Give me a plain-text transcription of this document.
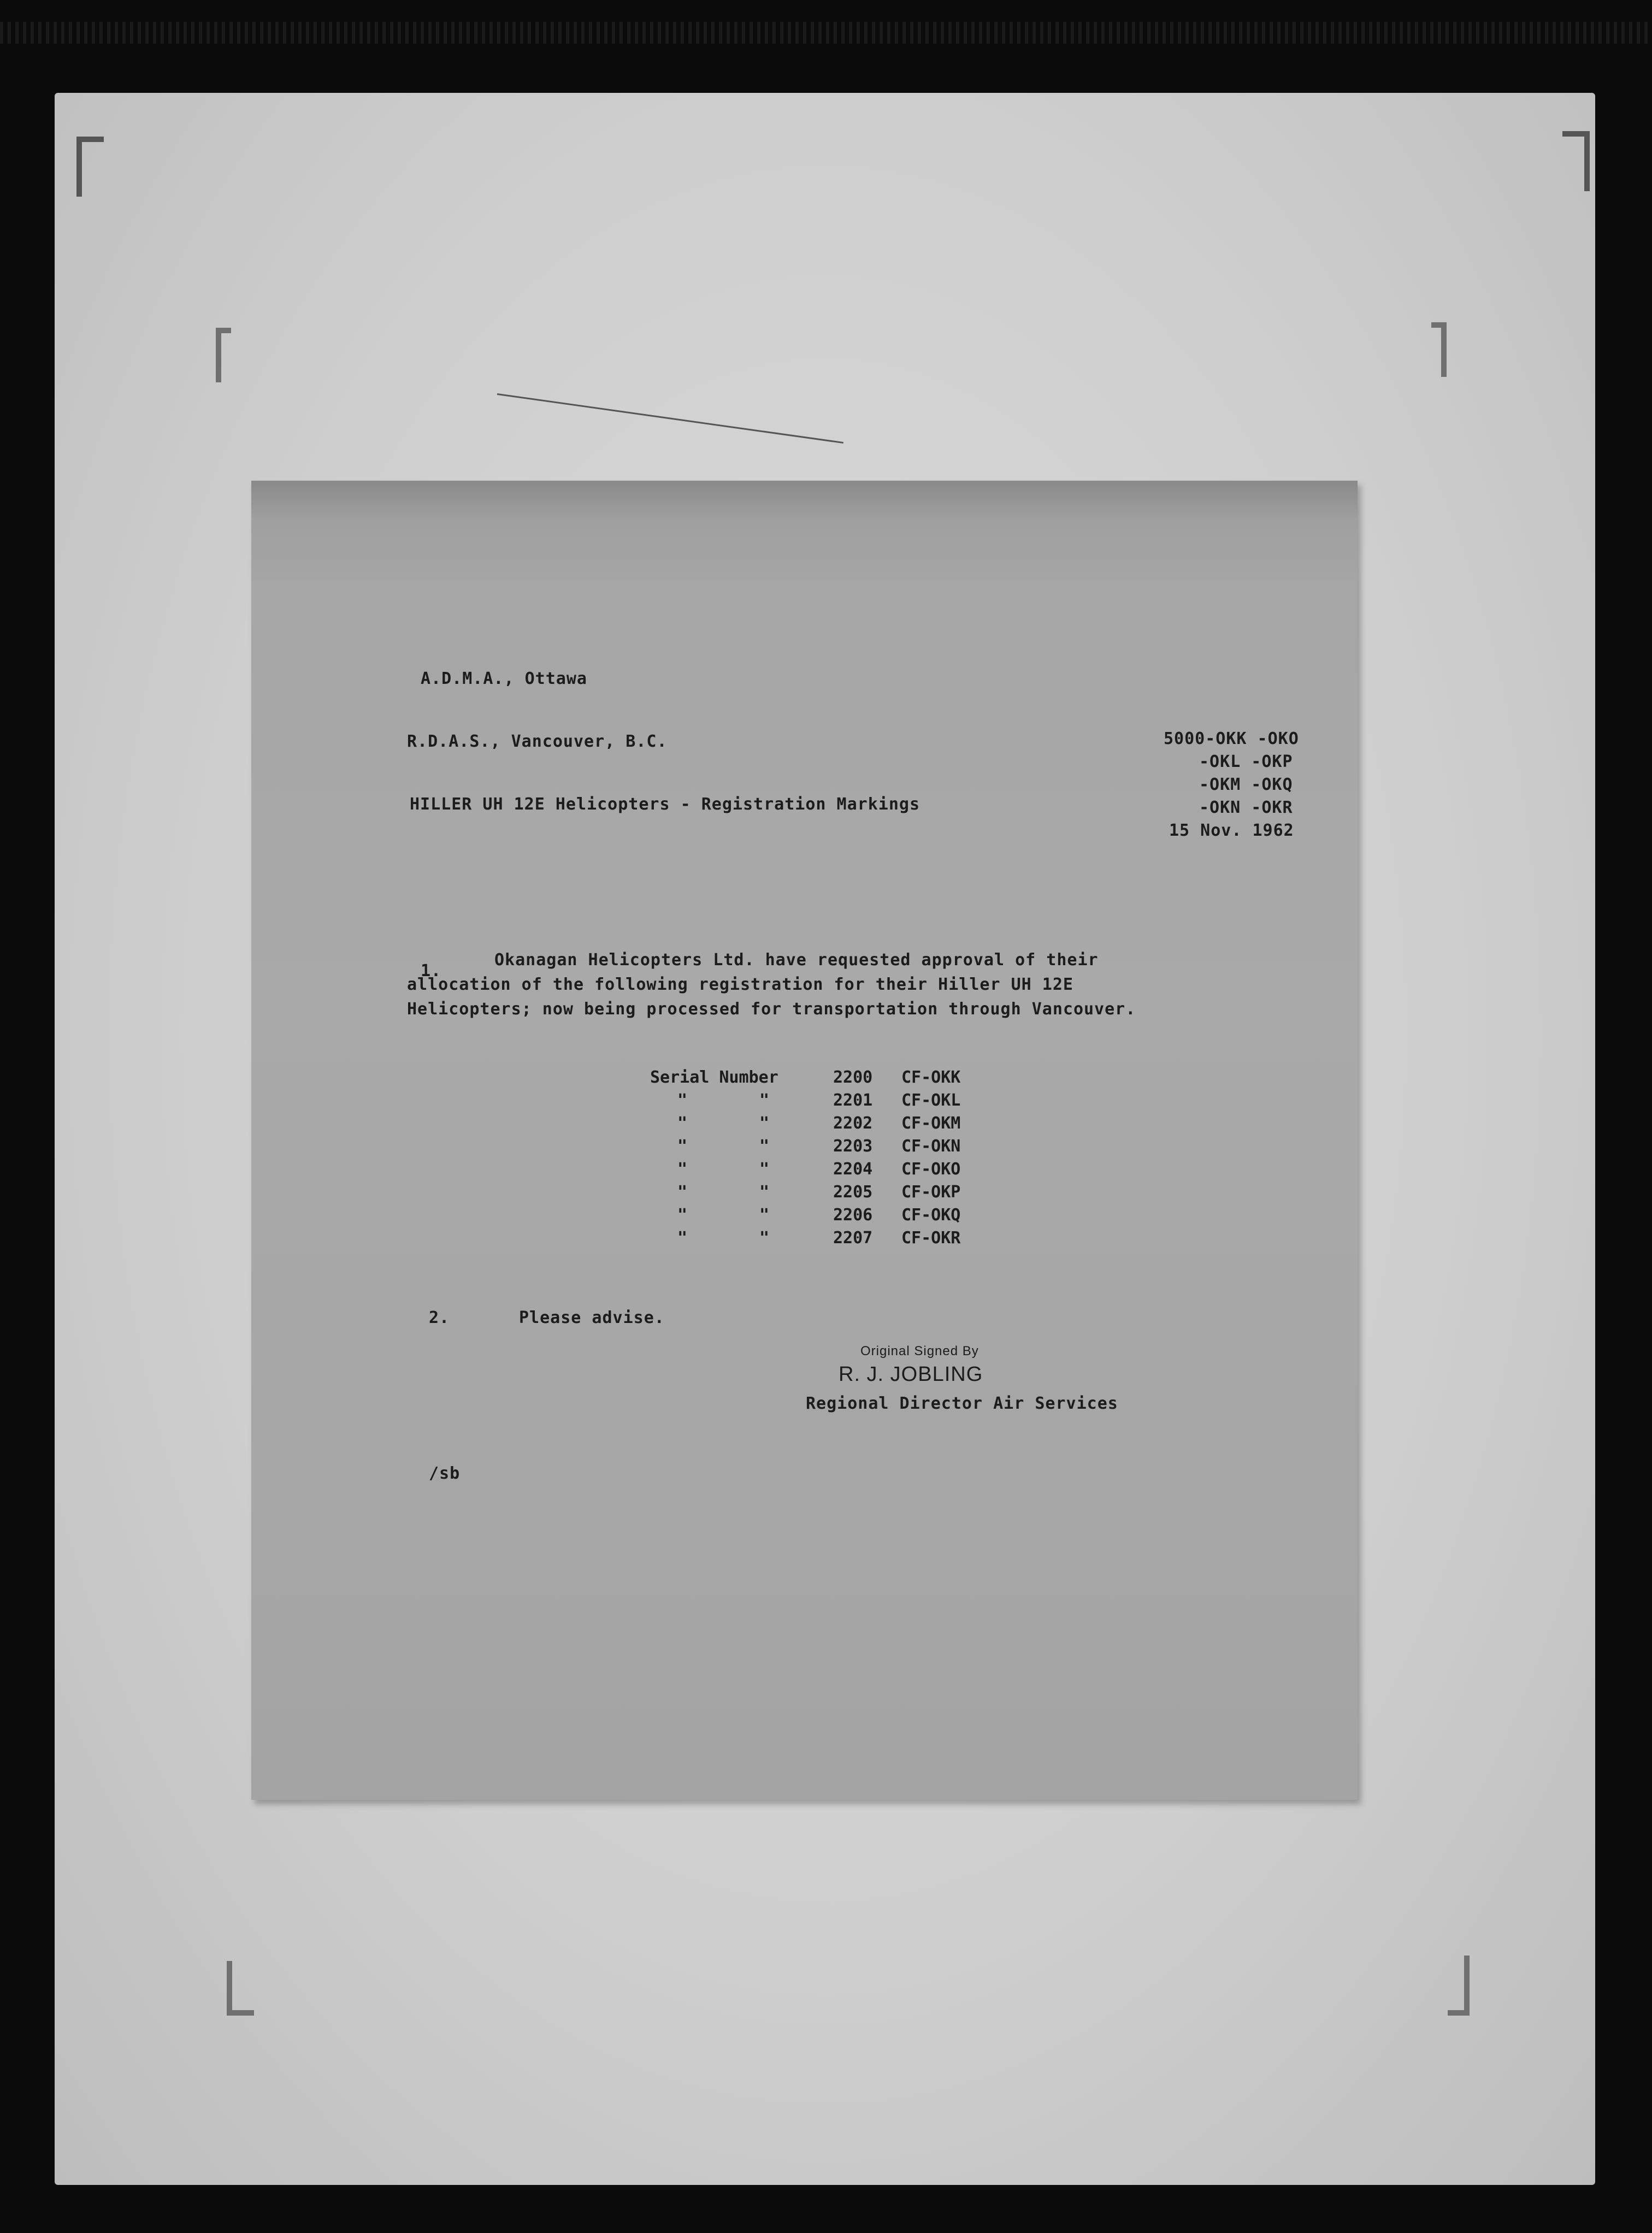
A.D.M.A., Ottawa
R.D.A.S., Vancouver, B.C.
HILLER UH 12E Helicopters - Registration Markings
5000-OKK -OKO
-OKL -OKP
-OKM -OKQ
-OKN -OKR
15 Nov. 1962
1.
Okanagan Helicopters Ltd. have requested approval of their
allocation of the following registration for their Hiller UH 12E
Helicopters; now being processed for transportation through Vancouver.
Serial Number	2200 CF-OKK
"	"	2201 CF-OKL
"	"	2202 CF-OKM
"	"	2203 CF-OKN
"	"	2204 CF-OKO
"	"	2205 CF-OKP
"	"	2206 CF-OKQ
"	"	2207 CF-OKR
2.	Please advise.
Original Signed By
R. J. JOBLING
Regional Director Air Services
/sb
